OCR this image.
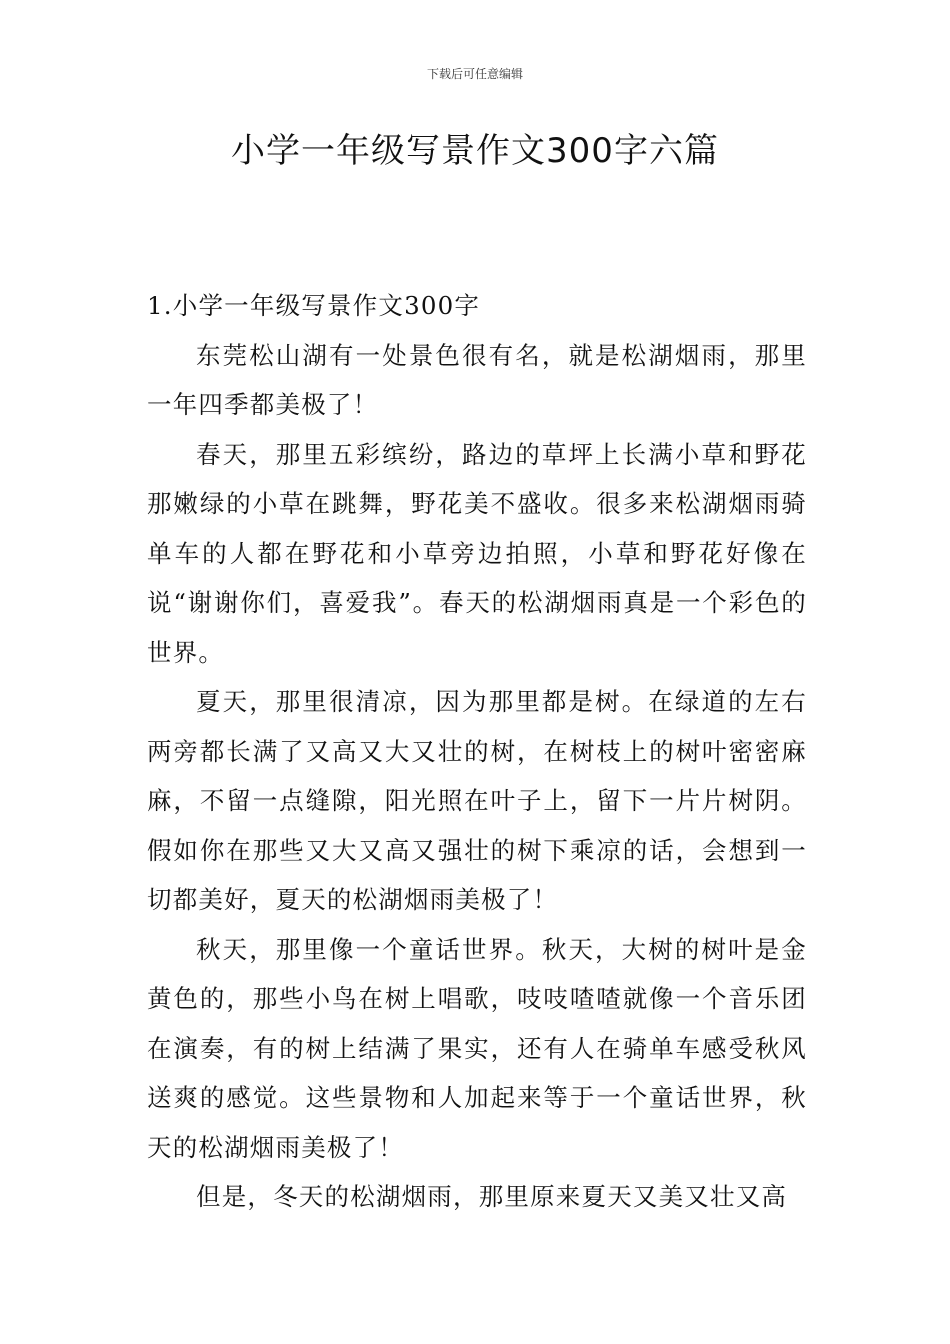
下载后可任意编辑
小学一年级写景作文300字六篇
1.小学一年级写景作文300字

东莞松山湖有一处景色很有名，就是松湖烟雨，那里一年四季都美极了！

春天，那里五彩缤纷，路边的草坪上长满小草和野花那嫩绿的小草在跳舞，野花美不盛收。很多来松湖烟雨骑单车的人都在野花和小草旁边拍照，小草和野花好像在说“谢谢你们，喜爱我”。春天的松湖烟雨真是一个彩色的世界。

夏天，那里很清凉，因为那里都是树。在绿道的左右两旁都长满了又高又大又壮的树，在树枝上的树叶密密麻麻，不留一点缝隙，阳光照在叶子上，留下一片片树阴。假如你在那些又大又高又强壮的树下乘凉的话，会想到一切都美好，夏天的松湖烟雨美极了！

秋天，那里像一个童话世界。秋天，大树的树叶是金黄色的，那些小鸟在树上唱歌，吱吱喳喳就像一个音乐团在演奏，有的树上结满了果实，还有人在骑单车感受秋风送爽的感觉。这些景物和人加起来等于一个童话世界，秋天的松湖烟雨美极了！

但是，冬天的松湖烟雨，那里原来夏天又美又壮又高
